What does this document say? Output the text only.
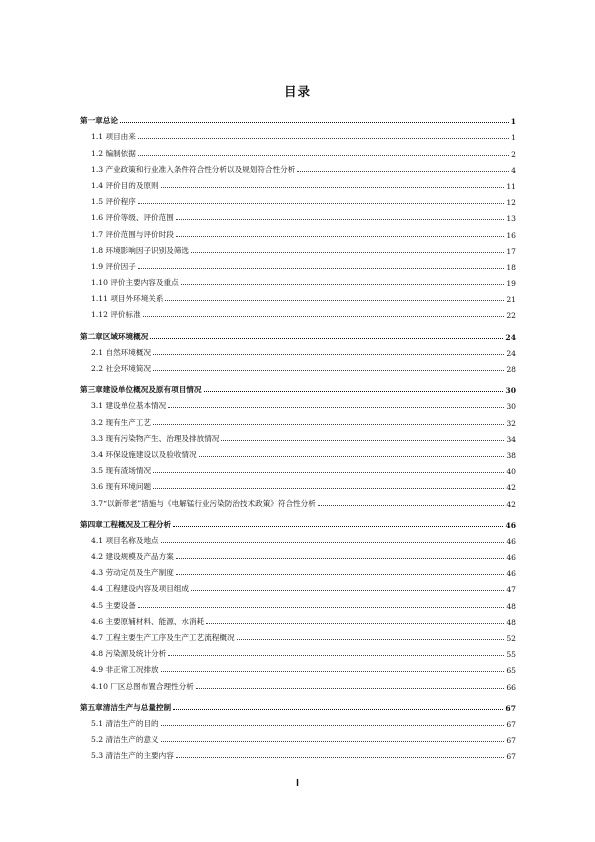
目录
第一章总论	1
1.1 项目由来	1
1.2 编制依据	2
1.3 产业政策和行业准入条件符合性分析以及规划符合性分析	4
1.4 评价目的及原则	11
1.5 评价程序	12
1.6 评价等级、评价范围	13
1.7 评价范围与评价时段	16
1.8 环境影响因子识别及筛选	17
1.9 评价因子	18
1.10 评价主要内容及重点	19
1.11 项目外环境关系	21
1.12 评价标准	22
第二章区域环境概况	24
2.1 自然环境概况	24
2.2 社会环境简况	28
第三章建设单位概况及原有项目情况	30
3.1 建设单位基本情况	30
3.2 现有生产工艺	32
3.3 现有污染物产生、治理及排放情况	34
3.4 环保设施建设以及验收情况	38
3.5 现有渣场情况	40
3.6 现有环境问题	42
3.7“以新带老”措施与《电解锰行业污染防治技术政策》符合性分析	42
第四章工程概况及工程分析	46
4.1 项目名称及地点	46
4.2 建设规模及产品方案	46
4.3 劳动定员及生产制度	46
4.4 工程建设内容及项目组成	47
4.5 主要设备	48
4.6 主要原辅材料、能源、水消耗	48
4.7 工程主要生产工序及生产工艺流程概况	52
4.8 污染源及统计分析	55
4.9 非正常工况排放	65
4.10 厂区总图布置合理性分析	66
第五章清洁生产与总量控制	67
5.1 清洁生产的目的	67
5.2 清洁生产的意义	67
5.3 清洁生产的主要内容	67
I
